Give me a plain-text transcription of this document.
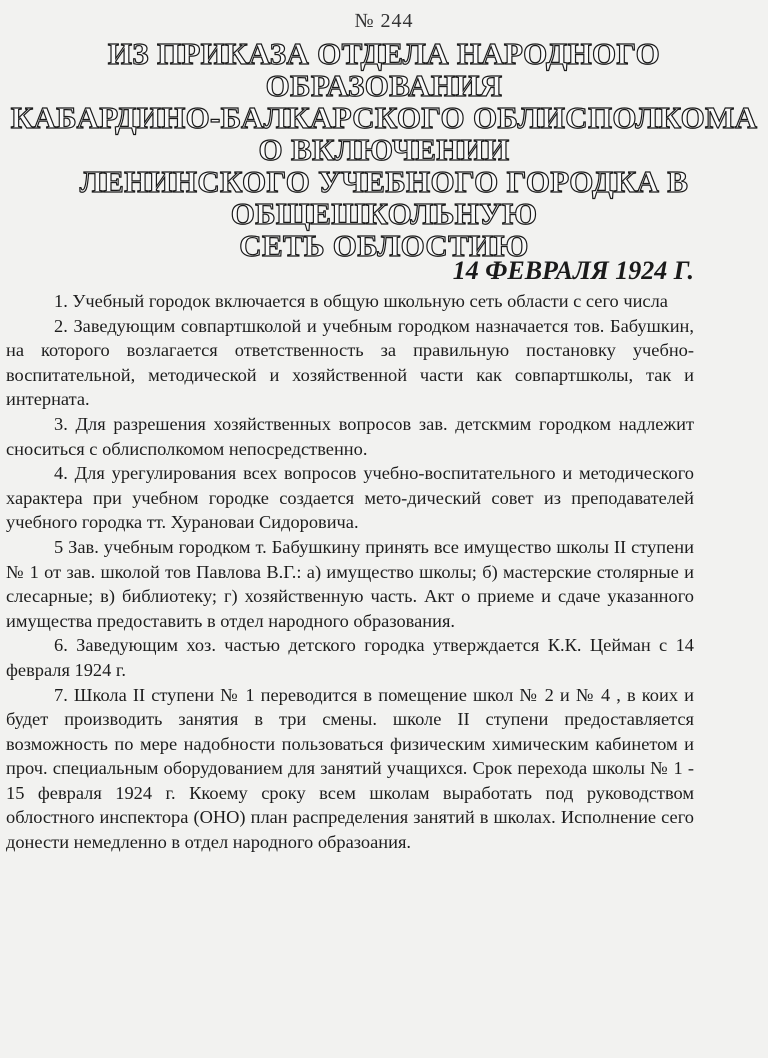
№ 244
ИЗ ПРИКАЗА ОТДЕЛА НАРОДНОГО
ОБРАЗОВАНИЯ
КАБАРДИНО-БАЛКАРСКОГО ОБЛИСПОЛКОМА
О ВКЛЮЧЕНИИ
ЛЕНИНСКОГО УЧЕБНОГО ГОРОДКА В
ОБЩЕШКОЛЬНУЮ
СЕТЬ ОБЛОСТИЮ
14 ФЕВРАЛЯ 1924 Г.

1. Учебный городок включается в общую школьную сеть области с сего числа

2. Заведующим совпартшколой и учебным городком назначается тов. Бабушкин, на которого возлагается ответственность за правильную постановку учебно-воспитательной, методической и хозяйственной части как совпартшколы, так и интерната.

3. Для разрешения хозяйственных вопросов зав. детскмим городком надлежит сноситься с облисполкомом непосредственно.

4. Для урегулирования всех вопросов учебно-воспитательного и методического характера при учебном городке создается мето-дический совет из преподавателей учебного городка тт. Хурановаи Сидоровича.

5 Зав. учебным городком т. Бабушкину принять все имущество школы II ступени № 1 от зав. школой тов Павлова В.Г.: а) имущество школы; б) мастерские столярные и слесарные; в) библиотеку; г) хозяйственную часть. Акт о приеме и сдаче указанного имущества предоставить в отдел народного образования.

6. Заведующим хоз. частью детского городка утверждается К.К. Цейман с 14 февраля 1924 г.

7. Школа II ступени № 1 переводится в помещение школ № 2 и № 4 , в коих и будет производить занятия в три смены. школе II ступени предоставляется возможность по мере надобности пользоваться физическим химическим кабинетом и проч. специальным оборудованием для занятий учащихся. Срок перехода школы № 1 - 15 февраля 1924 г. Ккоему сроку всем школам выработать под руководством облостного инспектора (ОНО) план распределения занятий в школах. Исполнение сего донести немедленно в отдел народного образоания.
